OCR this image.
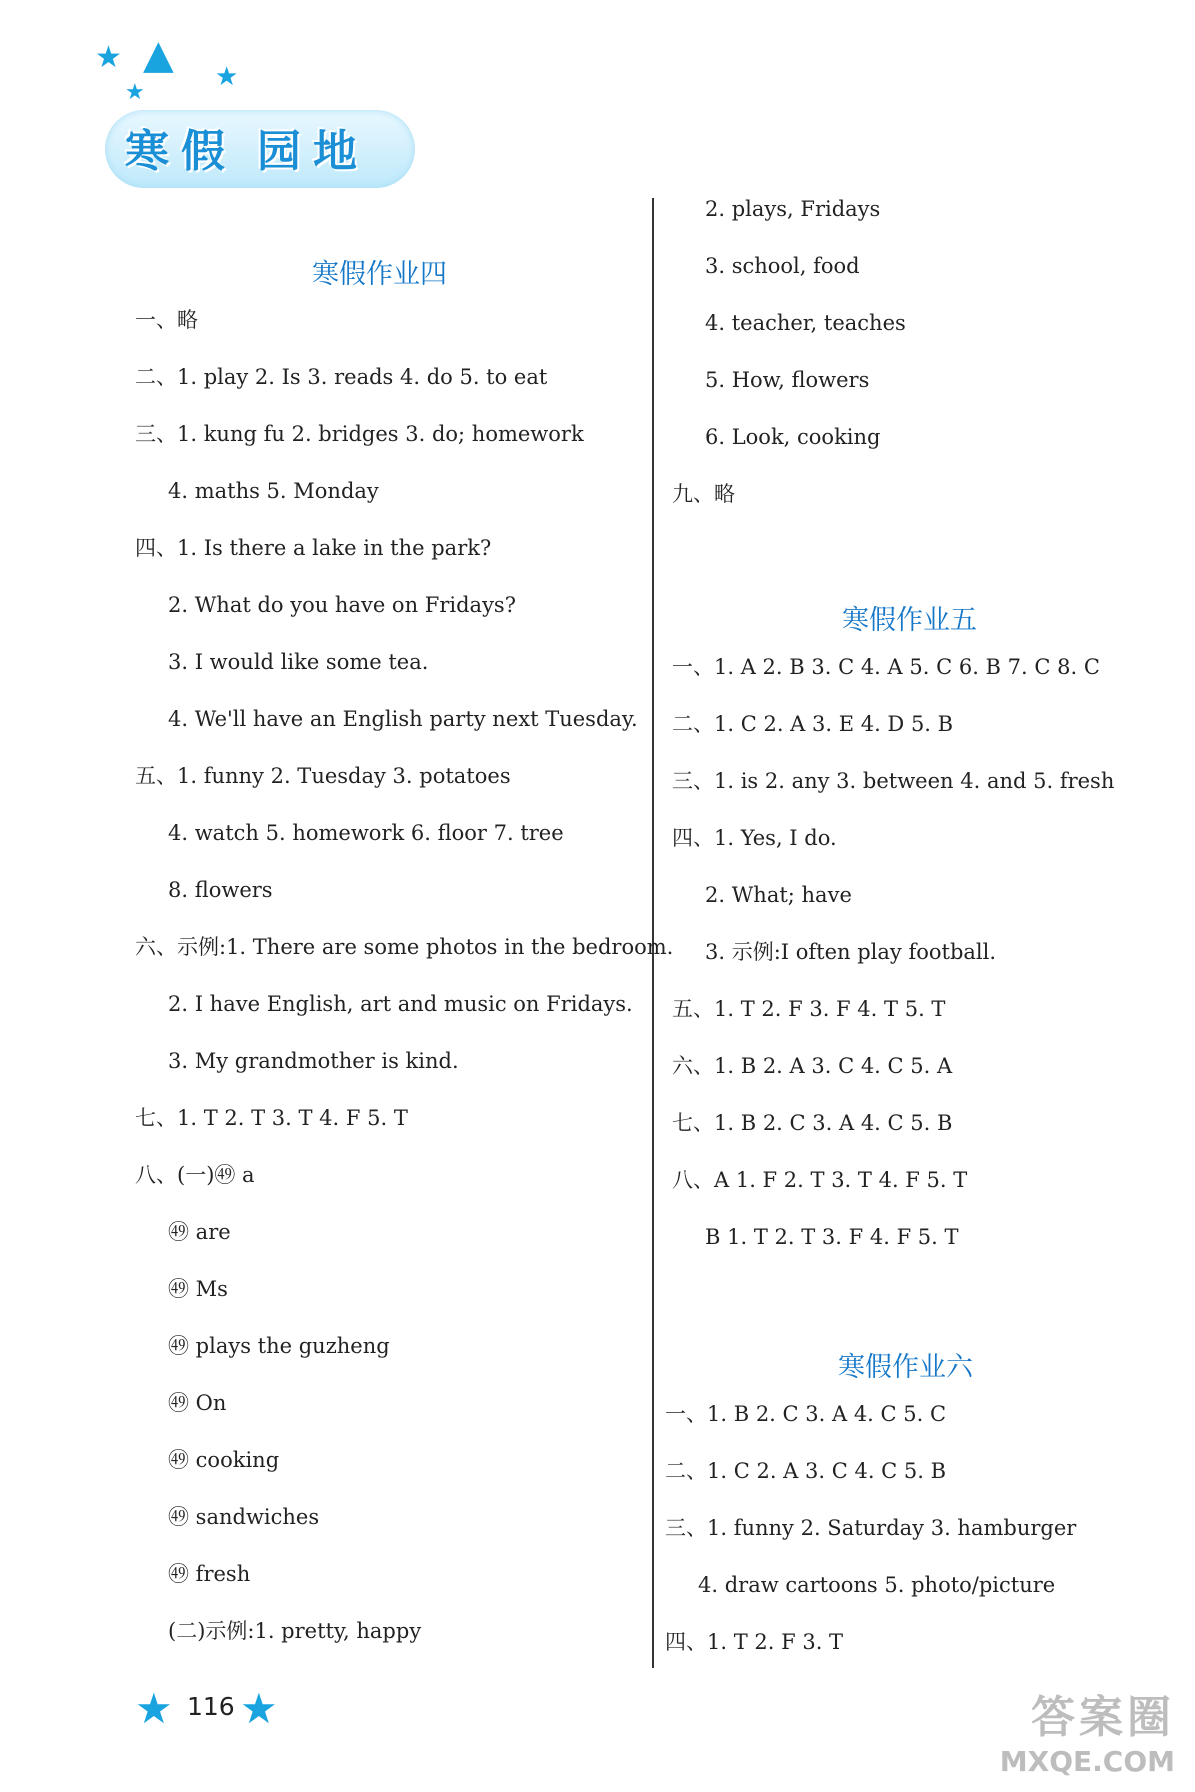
★ ▲ ★
★
寒假 园地
寒假作业四
一、略
二、1. play 2. Is 3. reads 4. do 5. to eat
三、1. kung fu 2. bridges 3. do; homework
4. maths 5. Monday
四、1. Is there a lake in the park?
2. What do you have on Fridays?
3. I would like some tea.
4. We'll have an English party next Tuesday.
五、1. funny 2. Tuesday 3. potatoes
4. watch 5. homework 6. floor 7. tree
8. flowers
六、示例:1. There are some photos in the bedroom.
2. I have English, art and music on Fridays.
3. My grandmother is kind.
七、1. T 2. T 3. T 4. F 5. T
八、(一)㊾ a
㊾ are
㊾ Ms
㊾ plays the guzheng
㊾ On
㊾ cooking
㊾ sandwiches
㊾ fresh
(二)示例:1. pretty, happy
2. plays, Fridays
3. school, food
4. teacher, teaches
5. How, flowers
6. Look, cooking
九、略
寒假作业五
一、1. A 2. B 3. C 4. A 5. C 6. B 7. C 8. C
二、1. C 2. A 3. E 4. D 5. B
三、1. is 2. any 3. between 4. and 5. fresh
四、1. Yes, I do.
2. What; have
3. 示例:I often play football.
五、1. T 2. F 3. F 4. T 5. T
六、1. B 2. A 3. C 4. C 5. A
七、1. B 2. C 3. A 4. C 5. B
八、A 1. F 2. T 3. T 4. F 5. T
B 1. T 2. T 3. F 4. F 5. T
寒假作业六
一、1. B 2. C 3. A 4. C 5. C
二、1. C 2. A 3. C 4. C 5. B
三、1. funny 2. Saturday 3. hamburger
4. draw cartoons 5. photo/picture
四、1. T 2. F 3. T
★ 116 ★	答案圈
MXQE.COM
